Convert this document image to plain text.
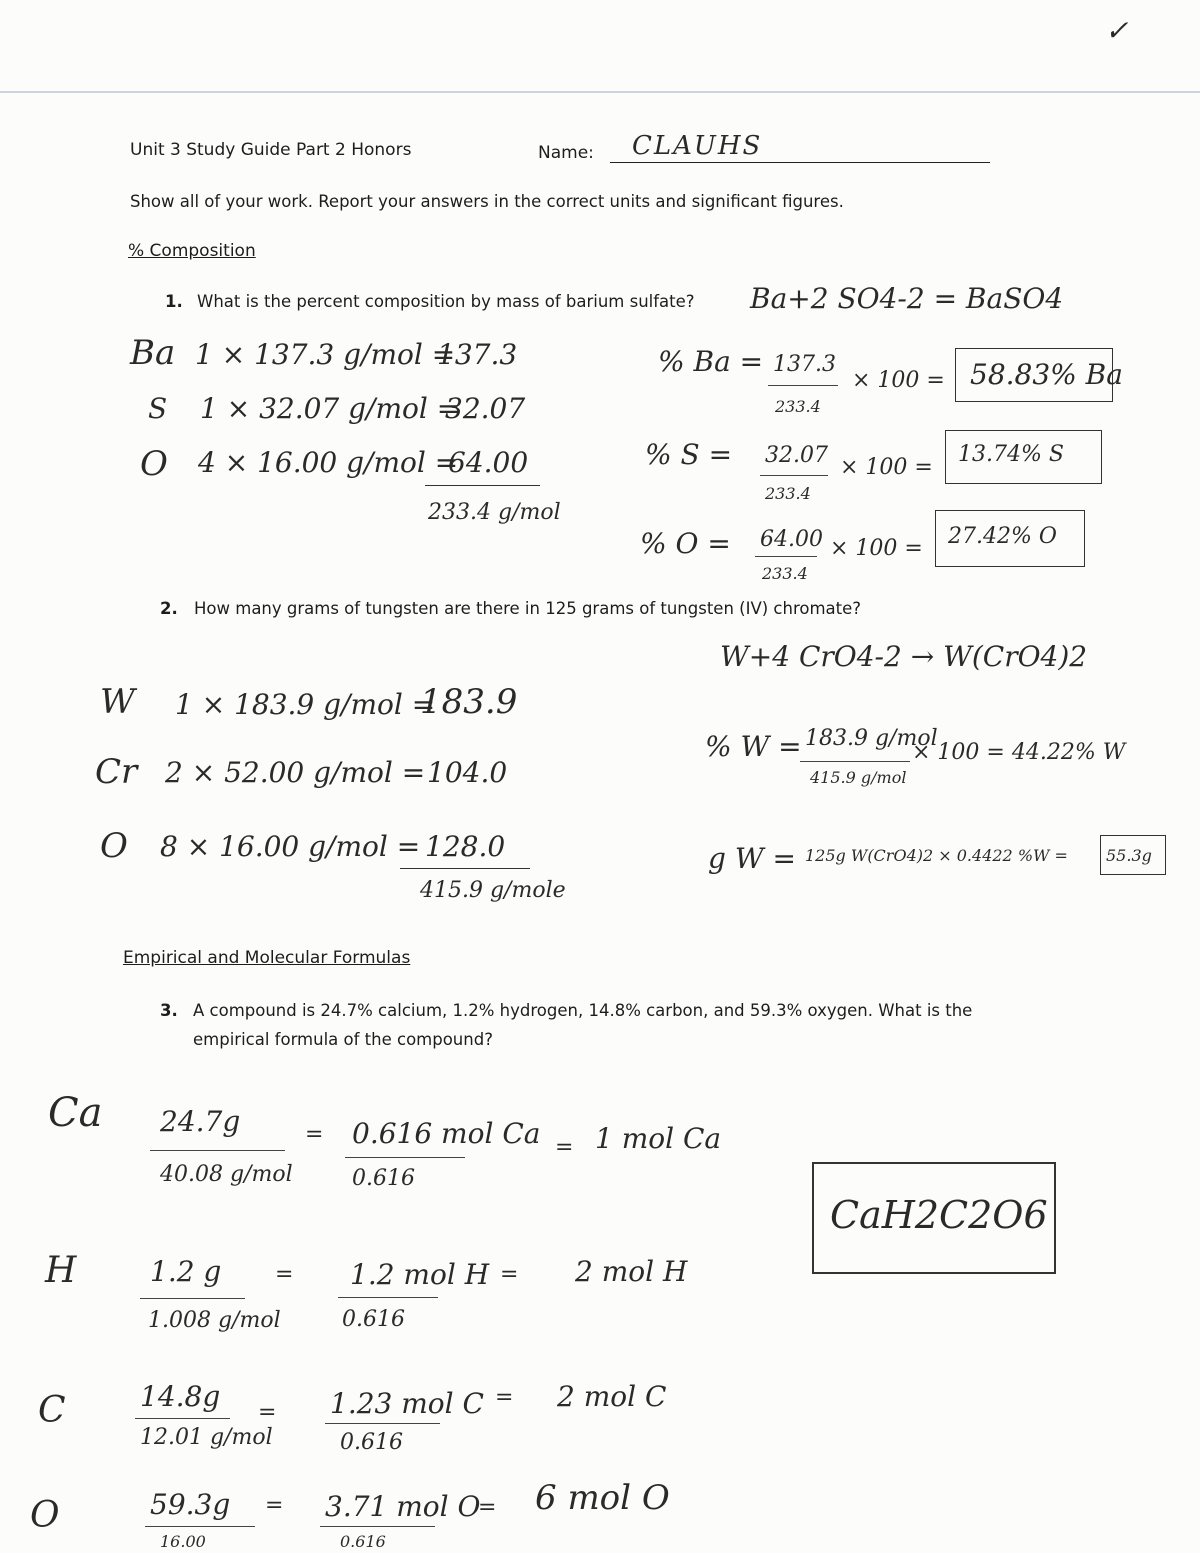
✓
Unit 3 Study Guide Part 2 Honors	Name: CLAUHS
Show all of your work. Report your answers in the correct units and significant figures.
% Composition
1. What is the percent composition by mass of barium sulfate? Ba+2 SO4-2 = BaSO4
Ba 1 × 137.3 g/mol =
137.3
S 1 × 32.07 g/mol =
32.07
O 4 × 16.00 g/mol =
64.00
233.4 g/mol
% Ba = 137.3
233.4
× 100 = 58.83% Ba
% S = 32.07
233.4
× 100 =
13.74% S
% O = 64.00
233.4
× 100 = 27.42% O
2. How many grams of tungsten are there in 125 grams of tungsten (IV) chromate?
W+4 CrO4-2 → W(CrO4)2
W 1 × 183.9 g/mol =
183.9
Cr 2 × 52.00 g/mol = 104.0
O 8 × 16.00 g/mol = 128.0
415.9 g/mole
% W = 183.9 g/mol
415.9 g/mol
× 100 = 44.22% W
g W = 125g W(CrO4)2 × 0.4422 %W = 55.3g
Empirical and Molecular Formulas
3. A compound is 24.7% calcium, 1.2% hydrogen, 14.8% carbon, and 59.3% oxygen. What is the
empirical formula of the compound?
Ca 24.7g
40.08 g/mol
= 0.616 mol Ca
0.616
= 1 mol Ca
H	1.2 g
1.008 g/mol
= 1.2 mol H
0.616
= 2 mol H
C	14.8g
12.01 g/mol
= 1.23 mol C
0.616
= 2 mol C
O	59.3g
16.00
= 3.71 mol O
0.616
= 6 mol O
CaH2C2O6
